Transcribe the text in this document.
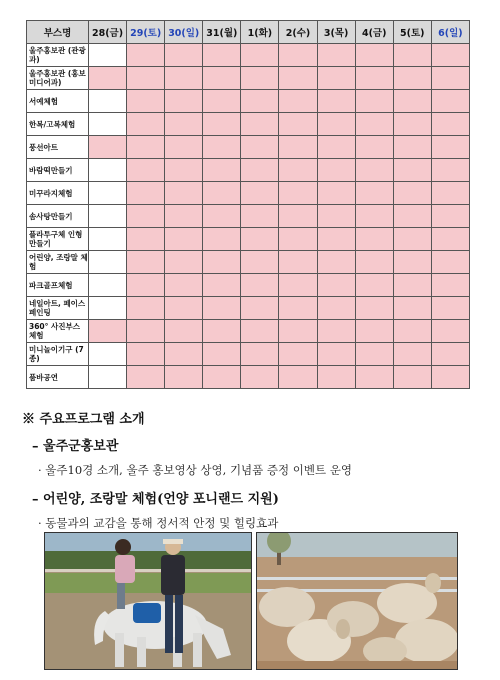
부스명	28(금)	29(토)	30(일)	31(월)	1(화)	2(수)	3(목)	4(금)	5(토)	6(일)
울주홍보관 (관광과)										
울주홍보관 (홍보미디어과)										
서예체험										
한복/고복체험										
풍선아트										
바람떡만들기										
미꾸라지체험										
솜사탕만들기										
플라투구체 인형 만들기										
어린양, 조랑말 체험										
파크골프체험										
네일아트, 페이스페인팅										
360° 사진부스 체험										
미니놀이기구 (7종)										
품바공연										

※ 주요프로그램 소개

– 울주군홍보관

· 울주10경 소개, 울주 홍보영상 상영, 기념품 증정 이벤트 운영

– 어린양, 조랑말 체험(언양 포니랜드 지원)

· 동물과의 교감을 통해 정서적 안정 및 힐링효과
